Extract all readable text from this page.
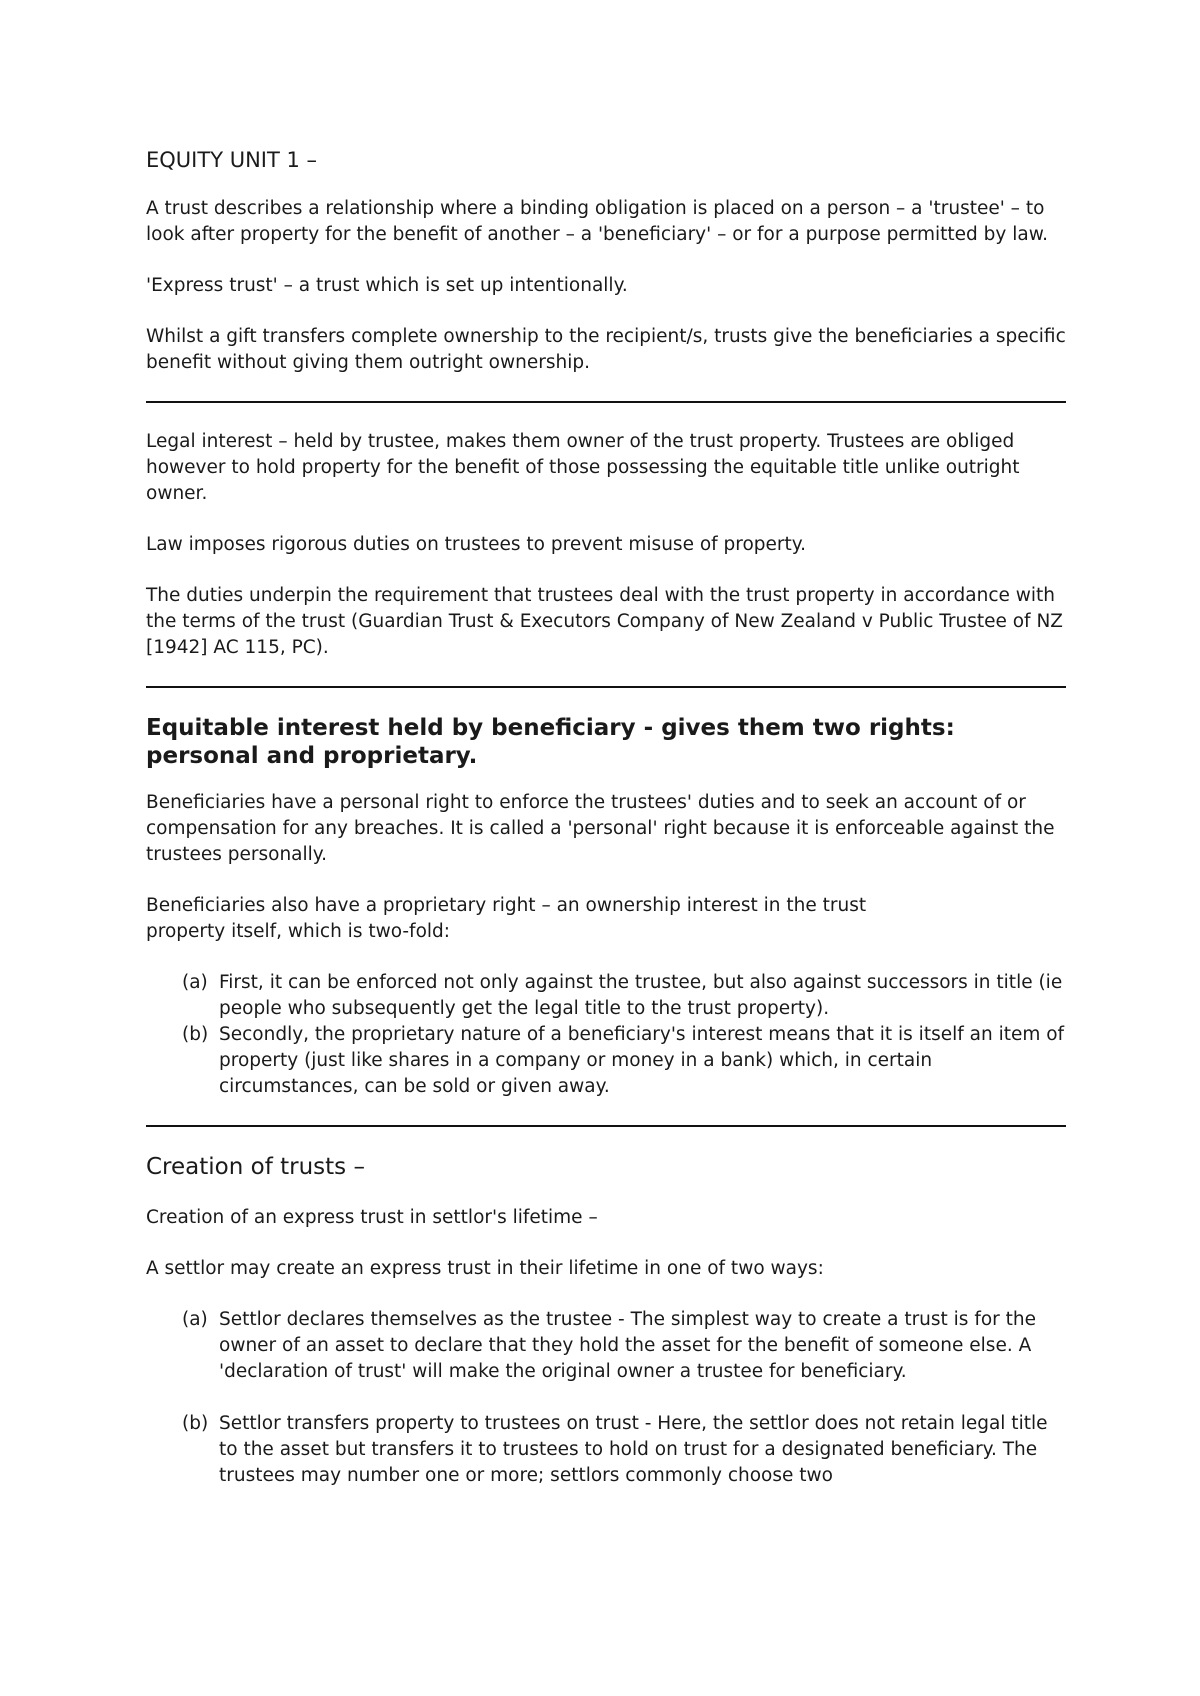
EQUITY UNIT 1 –

A trust describes a relationship where a binding obligation is placed on a person – a 'trustee' – to look after property for the benefit of another – a 'beneficiary' – or for a purpose permitted by law.

'Express trust' – a trust which is set up intentionally.

Whilst a gift transfers complete ownership to the recipient/s, trusts give the beneficiaries a specific benefit without giving them outright ownership.

Legal interest – held by trustee, makes them owner of the trust property. Trustees are obliged however to hold property for the benefit of those possessing the equitable title unlike outright owner.

Law imposes rigorous duties on trustees to prevent misuse of property.

The duties underpin the requirement that trustees deal with the trust property in accordance with the terms of the trust (Guardian Trust & Executors Company of New Zealand v Public Trustee of NZ [1942] AC 115, PC).

Equitable interest held by beneficiary - gives them two rights: personal and proprietary.

Beneficiaries have a personal right to enforce the trustees' duties and to seek an account of or compensation for any breaches. It is called a 'personal' right because it is enforceable against the trustees personally.

Beneficiaries also have a proprietary right – an ownership interest in the trust
property itself, which is two-fold:

(a) First, it can be enforced not only against the trustee, but also against successors in title (ie people who subsequently get the legal title to the trust property).
(b) Secondly, the proprietary nature of a beneficiary's interest means that it is itself an item of property (just like shares in a company or money in a bank) which, in certain circumstances, can be sold or given away.
Creation of trusts –

Creation of an express trust in settlor's lifetime –

A settlor may create an express trust in their lifetime in one of two ways:

(a) Settlor declares themselves as the trustee - The simplest way to create a trust is for the owner of an asset to declare that they hold the asset for the benefit of someone else. A 'declaration of trust' will make the original owner a trustee for beneficiary.
(b) Settlor transfers property to trustees on trust - Here, the settlor does not retain legal title to the asset but transfers it to trustees to hold on trust for a designated beneficiary. The trustees may number one or more; settlors commonly choose two
